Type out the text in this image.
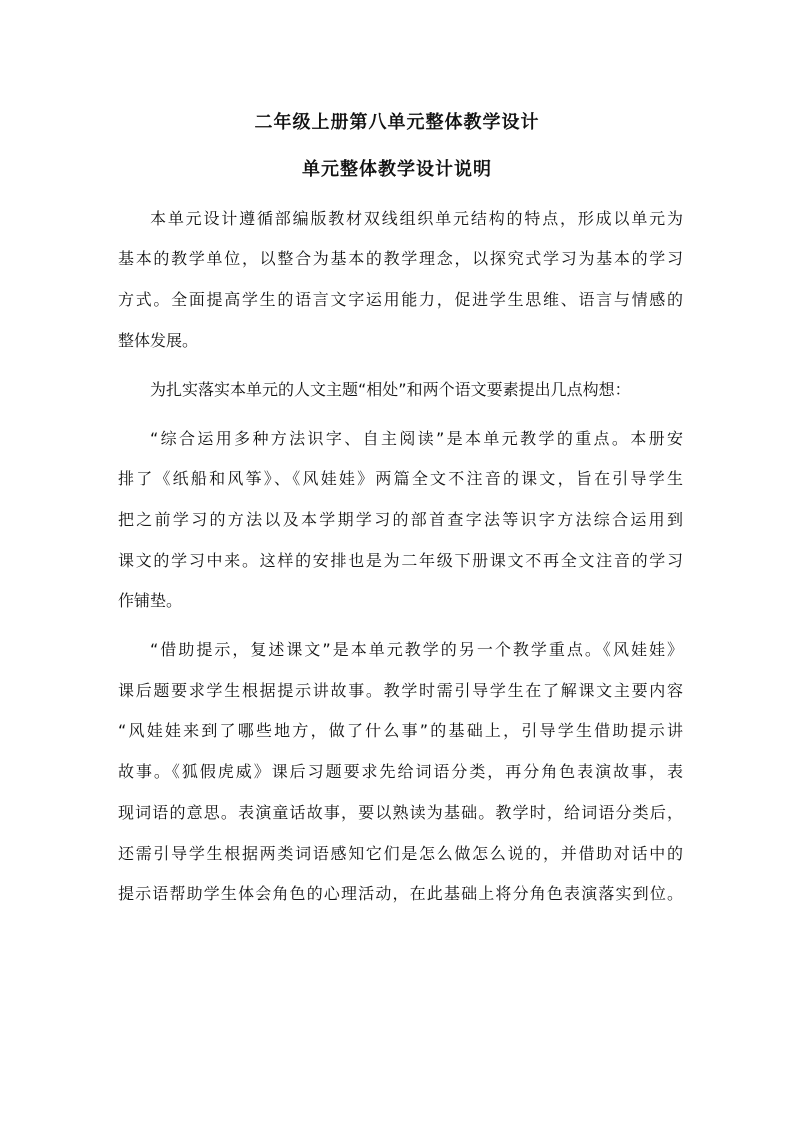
二年级上册第八单元整体教学设计
单元整体教学设计说明
本单元设计遵循部编版教材双线组织单元结构的特点，形成以单元为
基本的教学单位，以整合为基本的教学理念，以探究式学习为基本的学习
方式。全面提高学生的语言文字运用能力，促进学生思维、语言与情感的
整体发展。
为扎实落实本单元的人文主题“相处”和两个语文要素提出几点构想：
“综合运用多种方法识字、自主阅读”是本单元教学的重点。本册安
排了《纸船和风筝》、《风娃娃》两篇全文不注音的课文，旨在引导学生
把之前学习的方法以及本学期学习的部首查字法等识字方法综合运用到
课文的学习中来。这样的安排也是为二年级下册课文不再全文注音的学习
作铺垫。
“借助提示，复述课文”是本单元教学的另一个教学重点。《风娃娃》
课后题要求学生根据提示讲故事。教学时需引导学生在了解课文主要内容
“风娃娃来到了哪些地方，做了什么事”的基础上，引导学生借助提示讲
故事。《狐假虎威》课后习题要求先给词语分类，再分角色表演故事，表
现词语的意思。表演童话故事，要以熟读为基础。教学时，给词语分类后，
还需引导学生根据两类词语感知它们是怎么做怎么说的，并借助对话中的
提示语帮助学生体会角色的心理活动，在此基础上将分角色表演落实到位。
